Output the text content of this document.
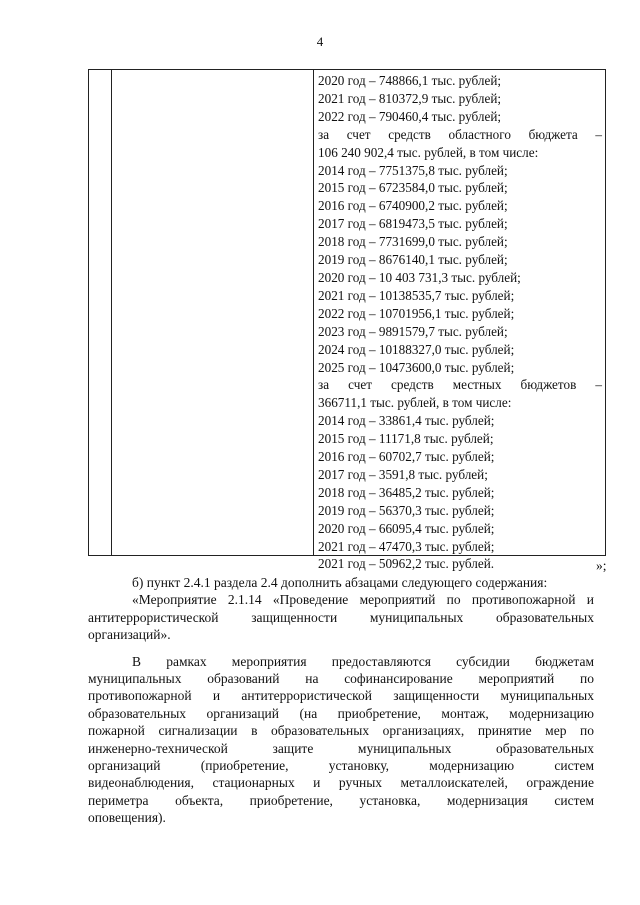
4
2020 год – 748866,1 тыс. рублей;
2021 год – 810372,9 тыс. рублей;
2022 год – 790460,4 тыс. рублей;
за счет средств областного бюджета –
106 240 902,4 тыс. рублей, в том числе:
2014 год – 7751375,8 тыс. рублей;
2015 год – 6723584,0 тыс. рублей;
2016 год – 6740900,2 тыс. рублей;
2017 год – 6819473,5 тыс. рублей;
2018 год – 7731699,0 тыс. рублей;
2019 год – 8676140,1 тыс. рублей;
2020 год – 10 403 731,3 тыс. рублей;
2021 год – 10138535,7 тыс. рублей;
2022 год – 10701956,1 тыс. рублей;
2023 год – 9891579,7 тыс. рублей;
2024 год – 10188327,0 тыс. рублей;
2025 год – 10473600,0 тыс. рублей;
за счет средств местных бюджетов –
366711,1 тыс. рублей, в том числе:
2014 год – 33861,4 тыс. рублей;
2015 год – 11171,8 тыс. рублей;
2016 год – 60702,7 тыс. рублей;
2017 год – 3591,8 тыс. рублей;
2018 год – 36485,2 тыс. рублей;
2019 год – 56370,3 тыс. рублей;
2020 год – 66095,4 тыс. рублей;
2021 год – 47470,3 тыс. рублей;
2021 год – 50962,2 тыс. рублей.	»;

б) пункт 2.4.1 раздела 2.4 дополнить абзацами следующего содержания:

«Мероприятие 2.1.14 «Проведение мероприятий по противопожарной и

антитеррористической защищенности муниципальных образовательных

организаций».

В рамках мероприятия предоставляются субсидии бюджетам

муниципальных образований на софинансирование мероприятий по

противопожарной и антитеррористической защищенности муниципальных

образовательных организаций (на приобретение, монтаж, модернизацию

пожарной сигнализации в образовательных организациях, принятие мер по

инженерно-технической защите муниципальных образовательных

организаций (приобретение, установку, модернизацию систем

видеонаблюдения, стационарных и ручных металлоискателей, ограждение

периметра объекта, приобретение, установка, модернизация систем

оповещения).
